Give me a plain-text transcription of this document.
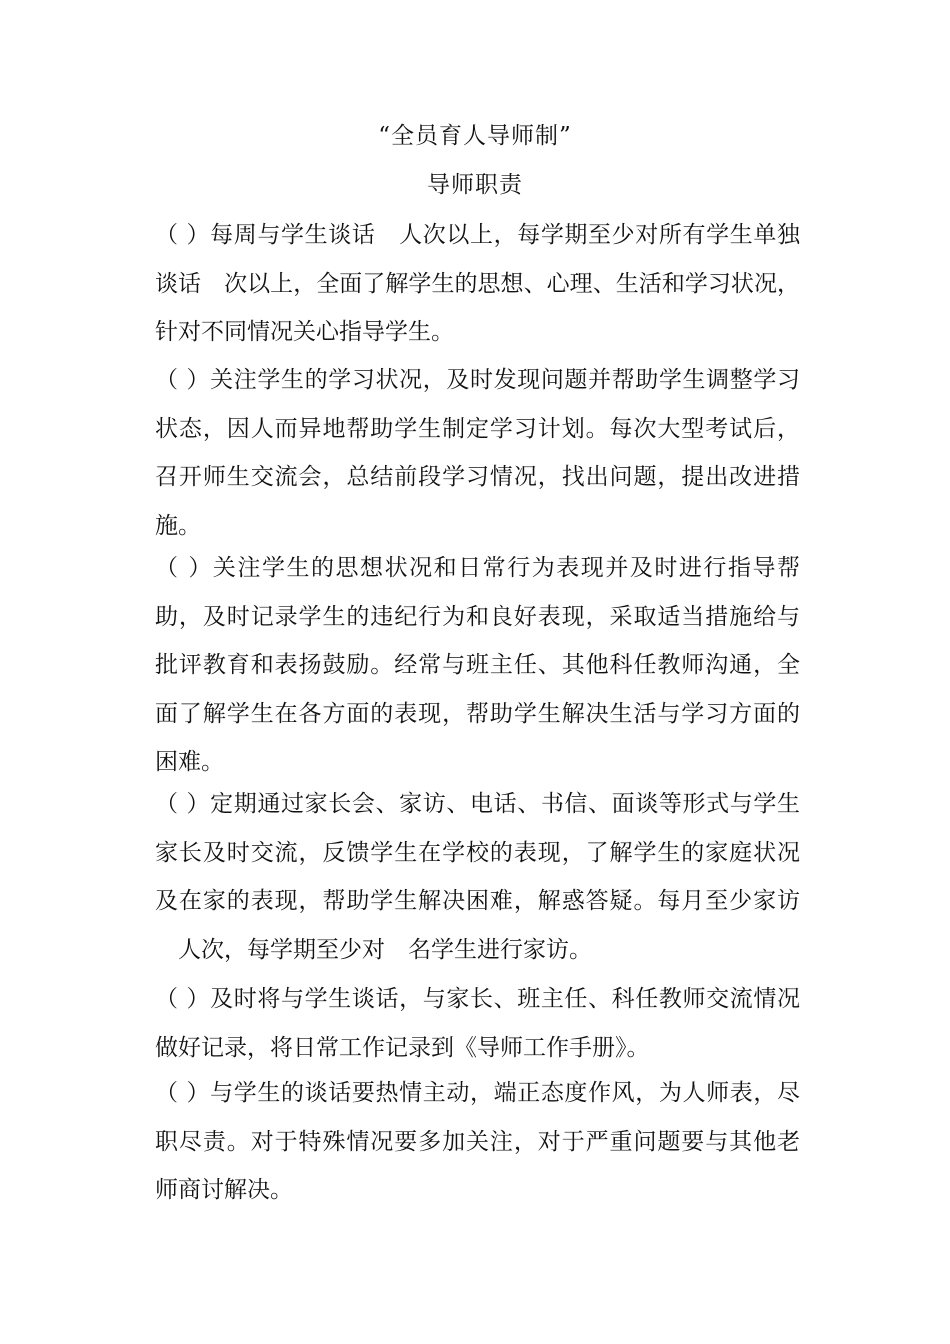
“全员育人导师制”
导师职责
（ ）每周与学生谈话　人次以上，每学期至少对所有学生单独
谈话　次以上，全面了解学生的思想、心理、生活和学习状况，
针对不同情况关心指导学生。
（ ）关注学生的学习状况，及时发现问题并帮助学生调整学习
状态，因人而异地帮助学生制定学习计划。每次大型考试后，
召开师生交流会，总结前段学习情况，找出问题，提出改进措
施。
（ ）关注学生的思想状况和日常行为表现并及时进行指导帮
助，及时记录学生的违纪行为和良好表现，采取适当措施给与
批评教育和表扬鼓励。经常与班主任、其他科任教师沟通，全
面了解学生在各方面的表现，帮助学生解决生活与学习方面的
困难。
（ ）定期通过家长会、家访、电话、书信、面谈等形式与学生
家长及时交流，反馈学生在学校的表现，了解学生的家庭状况
及在家的表现，帮助学生解决困难，解惑答疑。每月至少家访
　人次，每学期至少对　名学生进行家访。
（ ）及时将与学生谈话，与家长、班主任、科任教师交流情况
做好记录，将日常工作记录到《导师工作手册》。
（ ）与学生的谈话要热情主动，端正态度作风，为人师表，尽
职尽责。对于特殊情况要多加关注，对于严重问题要与其他老
师商讨解决。
